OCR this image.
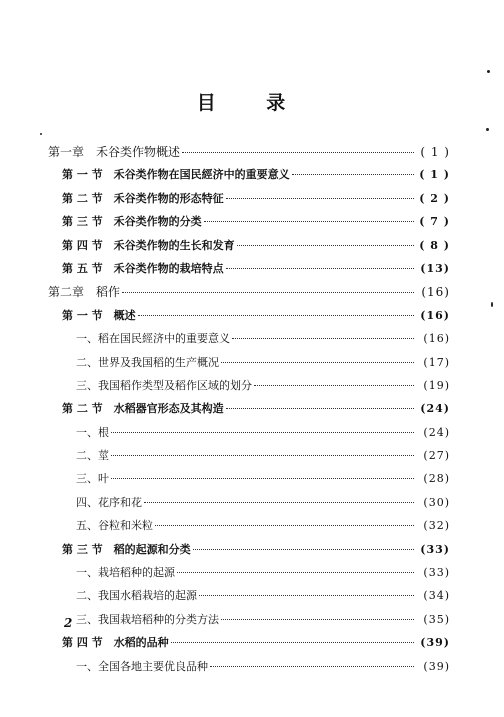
目 录
第一章　禾谷类作物概述	( 1 )
第 一 节　禾谷类作物在国民經济中的重要意义	( 1 )
第 二 节　禾谷类作物的形态特征	( 2 )
第 三 节　禾谷类作物的分类	( 7 )
第 四 节　禾谷类作物的生长和发育	( 8 )
第 五 节　禾谷类作物的栽培特点	(13)
第二章　稻作	(16)
第 一 节　概述	(16)
一、稻在国民經济中的重要意义	(16)
二、世界及我国稻的生产概况	(17)
三、我国稻作类型及稻作区域的划分	(19)
第 二 节　水稻器官形态及其构造	(24)
一、根	(24)
二、莖	(27)
三、叶	(28)
四、花序和花	(30)
五、谷粒和米粒	(32)
第 三 节　稻的起源和分类	(33)
一、栽培稻种的起源	(33)
二、我国水稻栽培的起源	(34)
三、我国栽培稻种的分类方法	(35)
第 四 节　水稻的品种	(39)
一、全国各地主要优良品种	(39)
2
